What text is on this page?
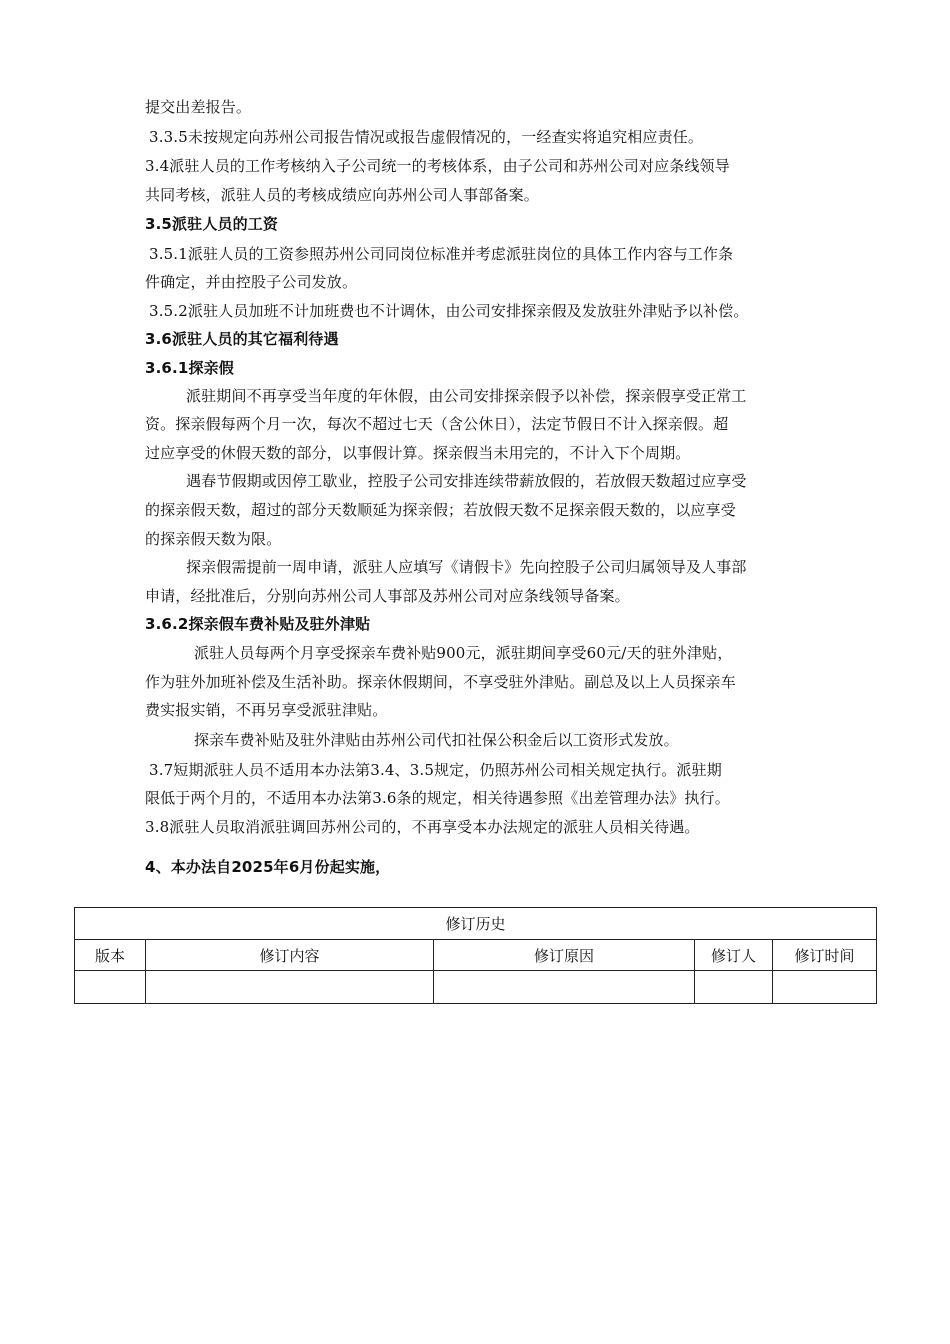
提交出差报告。
3.3.5未按规定向苏州公司报告情况或报告虚假情况的，一经查实将追究相应责任。
3.4派驻人员的工作考核纳入子公司统一的考核体系，由子公司和苏州公司对应条线领导
共同考核，派驻人员的考核成绩应向苏州公司人事部备案。
3.5派驻人员的工资
3.5.1派驻人员的工资参照苏州公司同岗位标准并考虑派驻岗位的具体工作内容与工作条
件确定，并由控股子公司发放。
3.5.2派驻人员加班不计加班费也不计调休，由公司安排探亲假及发放驻外津贴予以补偿。
3.6派驻人员的其它福利待遇
3.6.1探亲假
派驻期间不再享受当年度的年休假，由公司安排探亲假予以补偿，探亲假享受正常工
资。探亲假每两个月一次，每次不超过七天（含公休日），法定节假日不计入探亲假。超
过应享受的休假天数的部分，以事假计算。探亲假当未用完的，不计入下个周期。
遇春节假期或因停工歇业，控股子公司安排连续带薪放假的，若放假天数超过应享受
的探亲假天数，超过的部分天数顺延为探亲假；若放假天数不足探亲假天数的，以应享受
的探亲假天数为限。
探亲假需提前一周申请，派驻人应填写《请假卡》先向控股子公司归属领导及人事部
申请，经批准后，分别向苏州公司人事部及苏州公司对应条线领导备案。
3.6.2探亲假车费补贴及驻外津贴
派驻人员每两个月享受探亲车费补贴900元，派驻期间享受60元/天的驻外津贴，
作为驻外加班补偿及生活补助。探亲休假期间，不享受驻外津贴。副总及以上人员探亲车
费实报实销，不再另享受派驻津贴。
探亲车费补贴及驻外津贴由苏州公司代扣社保公积金后以工资形式发放。
3.7短期派驻人员不适用本办法第3.4、3.5规定，仍照苏州公司相关规定执行。派驻期
限低于两个月的，不适用本办法第3.6条的规定，相关待遇参照《出差管理办法》执行。
3.8派驻人员取消派驻调回苏州公司的，不再享受本办法规定的派驻人员相关待遇。
4、本办法自2025年6月份起实施，
修订历史				
版本	修订内容	修订原因	修订人	修订时间
